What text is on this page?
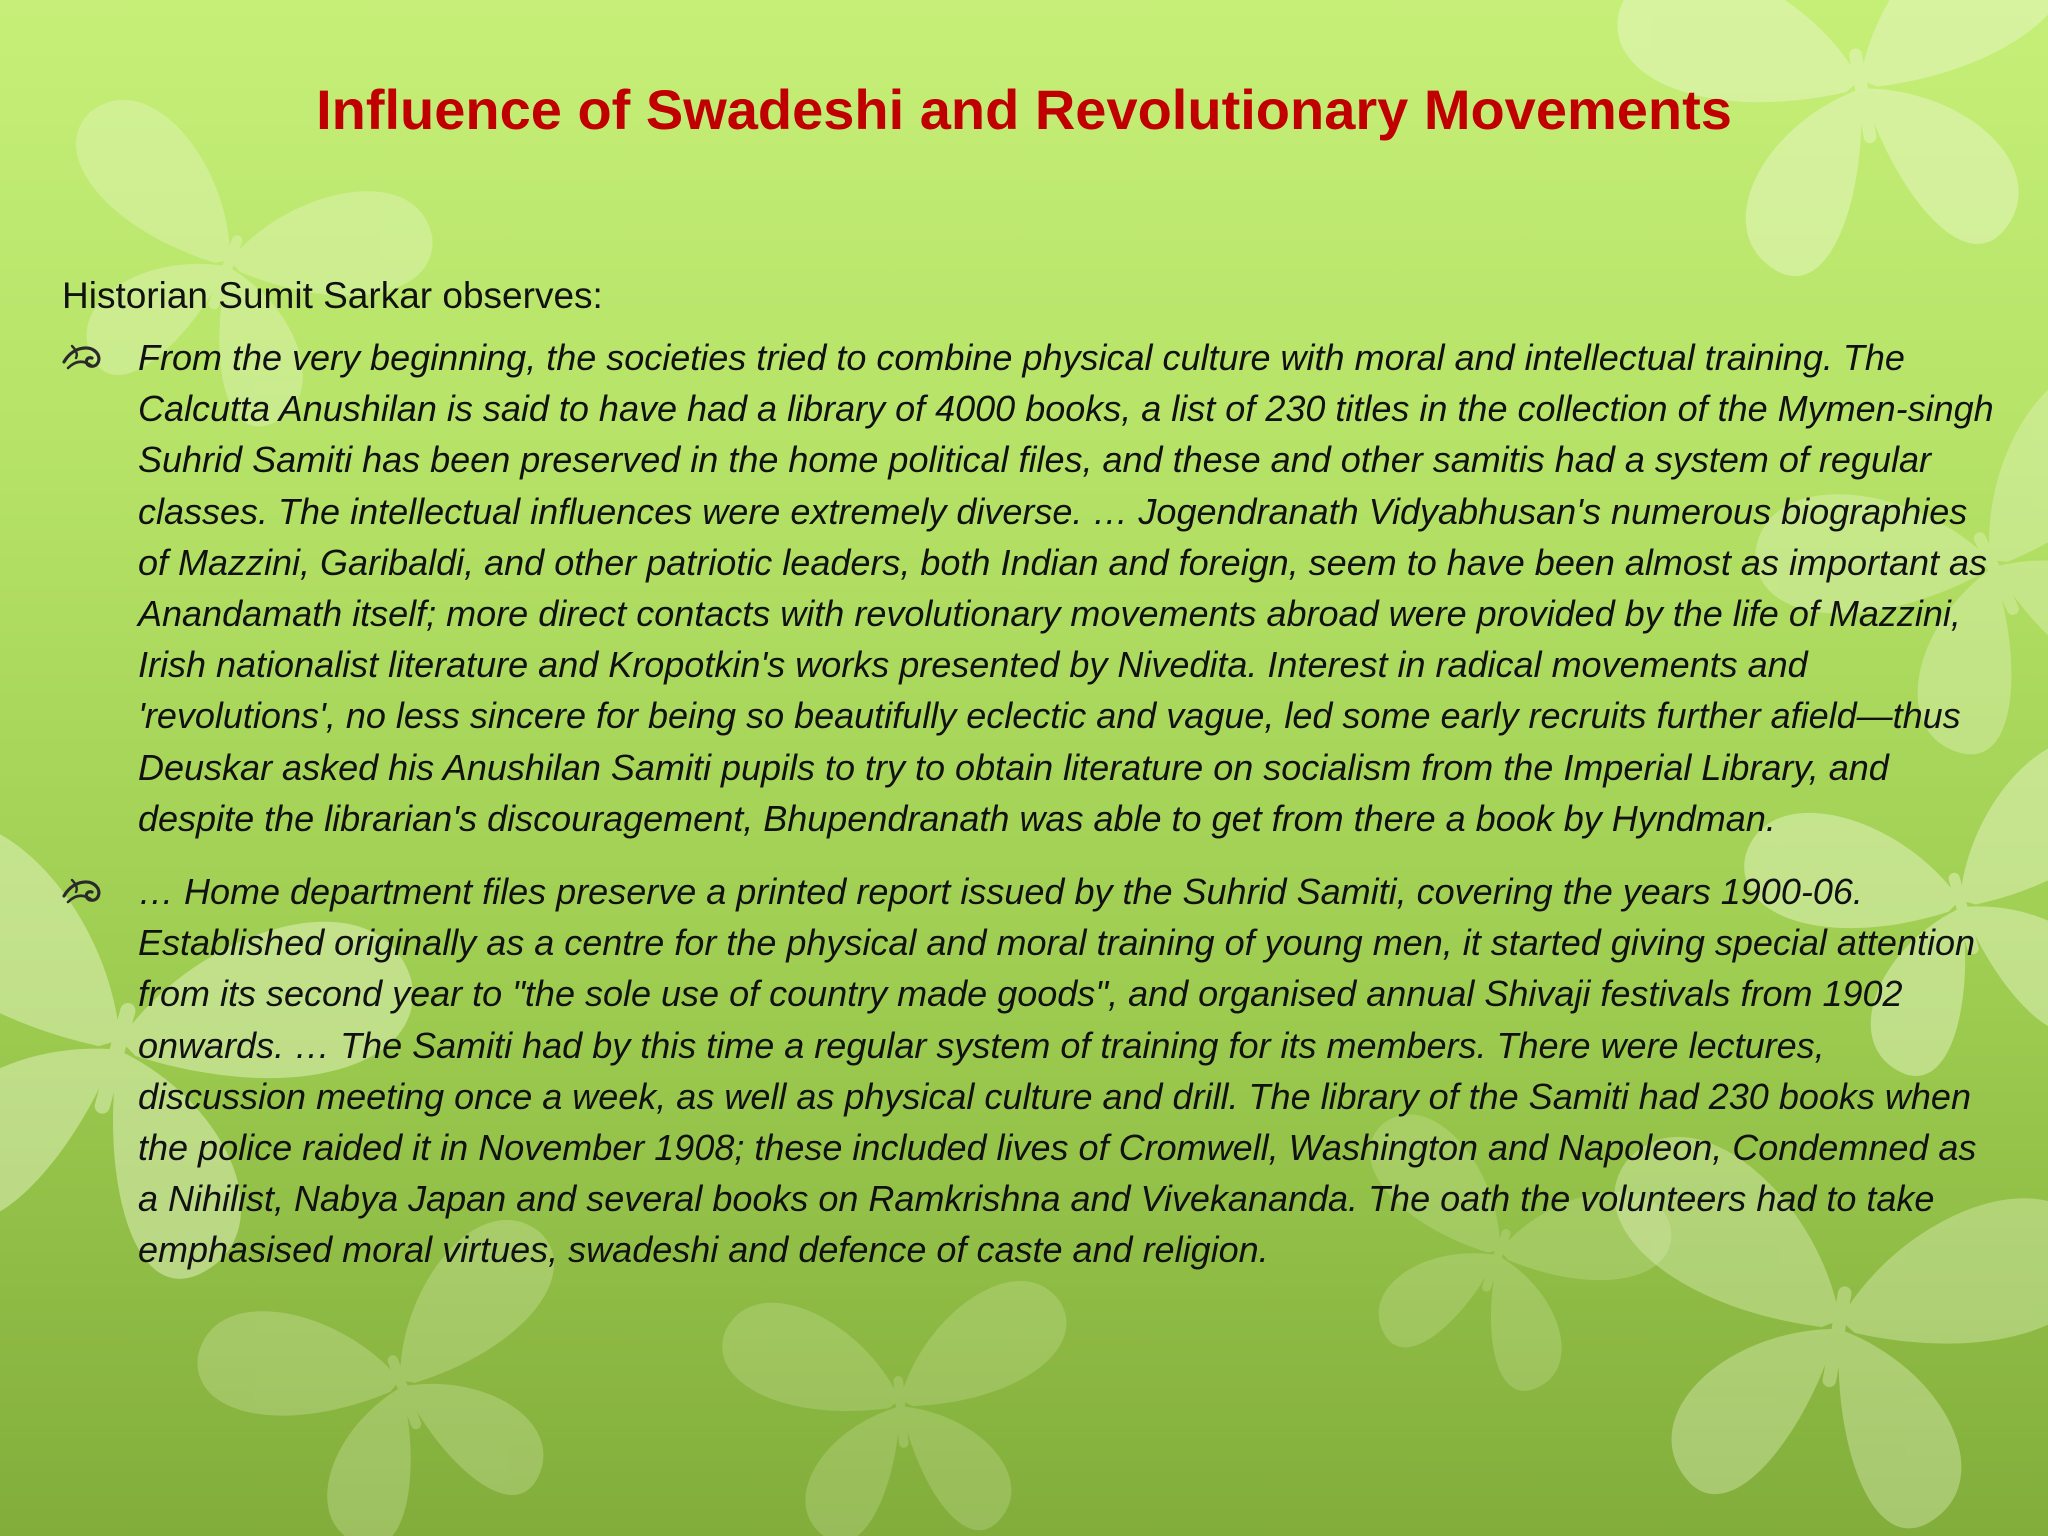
Influence of Swadeshi and Revolutionary Movements

Historian Sumit Sarkar observes:

From the very beginning, the societies tried to combine physical culture with moral and intellectual training. The Calcutta Anushilan is said to have had a library of 4000 books, a list of 230 titles in the collection of the Mymen-singh Suhrid Samiti has been preserved in the home political files, and these and other samitis had a system of regular classes. The intellectual influences were extremely diverse. … Jogendranath Vidyabhusan's numerous biographies of Mazzini, Garibaldi, and other patriotic leaders, both Indian and foreign, seem to have been almost as important as Anandamath itself; more direct contacts with revolutionary movements abroad were provided by the life of Mazzini, Irish nationalist literature and Kropotkin's works presented by Nivedita. Interest in radical movements and 'revolutions', no less sincere for being so beautifully eclectic and vague, led some early recruits further afield—thus Deuskar asked his Anushilan Samiti pupils to try to obtain literature on socialism from the Imperial Library, and despite the librarian's discouragement, Bhupendranath was able to get from there a book by Hyndman.
… Home department files preserve a printed report issued by the Suhrid Samiti, covering the years 1900-06. Established originally as a centre for the physical and moral training of young men, it started giving special attention from its second year to "the sole use of country made goods", and organised annual Shivaji festivals from 1902 onwards. … The Samiti had by this time a regular system of training for its members. There were lectures, discussion meeting once a week, as well as physical culture and drill. The library of the Samiti had 230 books when the police raided it in November 1908; these included lives of Cromwell, Washington and Napoleon, Condemned as a Nihilist, Nabya Japan and several books on Ramkrishna and Vivekananda. The oath the volunteers had to take emphasised moral virtues, swadeshi and defence of caste and religion.
